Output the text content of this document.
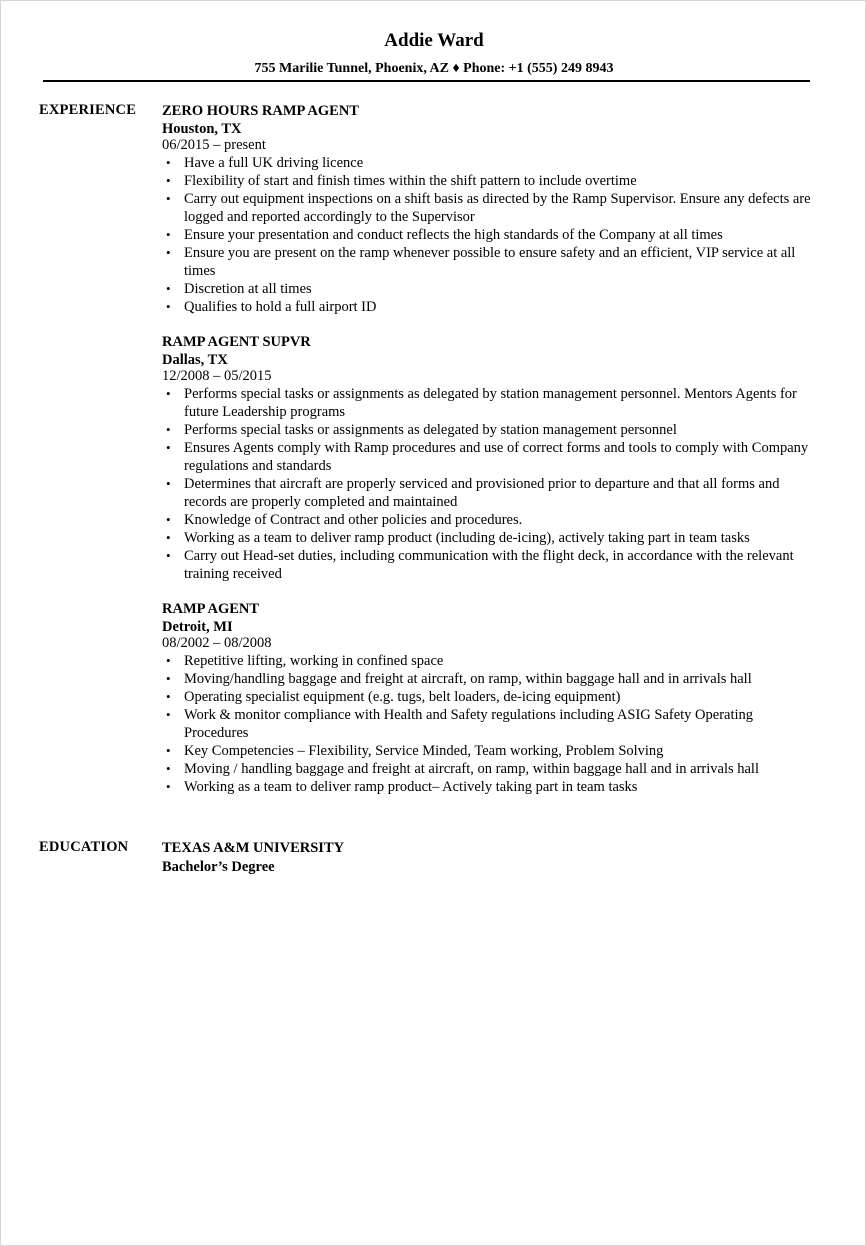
Addie Ward
755 Marilie Tunnel, Phoenix, AZ ♦ Phone: +1 (555) 249 8943
EXPERIENCE ZERO HOURS RAMP AGENT
Houston, TX
06/2015 – present
• Have a full UK driving licence
• Flexibility of start and finish times within the shift pattern to include overtime
• Carry out equipment inspections on a shift basis as directed by the Ramp Supervisor. Ensure any defects are logged and reported accordingly to the Supervisor
• Ensure your presentation and conduct reflects the high standards of the Company at all times
• Ensure you are present on the ramp whenever possible to ensure safety and an efficient, VIP service at all times
• Discretion at all times
• Qualifies to hold a full airport ID
RAMP AGENT SUPVR
Dallas, TX
12/2008 – 05/2015
• Performs special tasks or assignments as delegated by station management personnel. Mentors Agents for future Leadership programs
• Performs special tasks or assignments as delegated by station management personnel
• Ensures Agents comply with Ramp procedures and use of correct forms and tools to comply with Company regulations and standards
• Determines that aircraft are properly serviced and provisioned prior to departure and that all forms and records are properly completed and maintained
• Knowledge of Contract and other policies and procedures.
• Working as a team to deliver ramp product (including de-icing), actively taking part in team tasks
• Carry out Head-set duties, including communication with the flight deck, in accordance with the relevant training received
RAMP AGENT
Detroit, MI
08/2002 – 08/2008
• Repetitive lifting, working in confined space
• Moving/handling baggage and freight at aircraft, on ramp, within baggage hall and in arrivals hall
• Operating specialist equipment (e.g. tugs, belt loaders, de-icing equipment)
• Work & monitor compliance with Health and Safety regulations including ASIG Safety Operating Procedures
• Key Competencies – Flexibility, Service Minded, Team working, Problem Solving
• Moving / handling baggage and freight at aircraft, on ramp, within baggage hall and in arrivals hall
• Working as a team to deliver ramp product– Actively taking part in team tasks
EDUCATION TEXAS A&M UNIVERSITY
Bachelor’s Degree
